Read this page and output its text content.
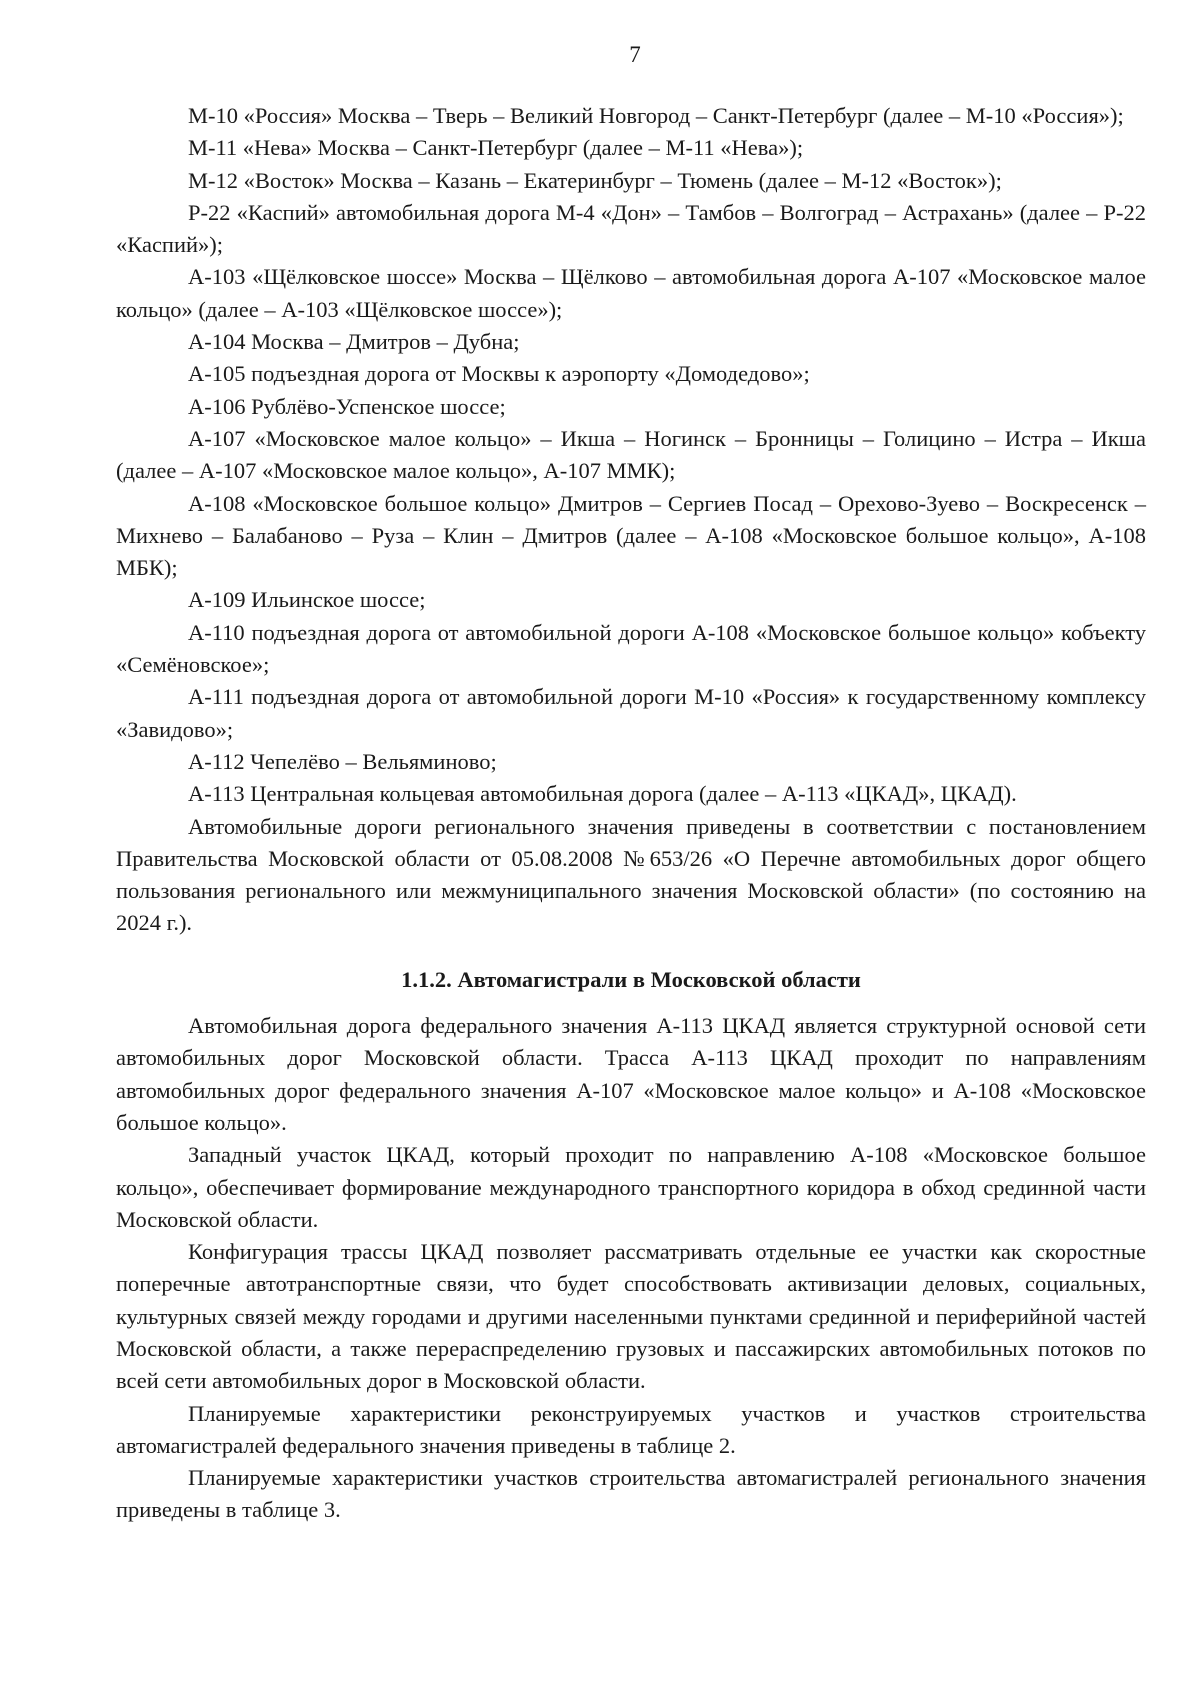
7

М-10 «Россия» Москва – Тверь – Великий Новгород – Санкт-Петербург (далее – М-10 «Россия»);

М-11 «Нева» Москва – Санкт-Петербург (далее – М-11 «Нева»);

М-12 «Восток» Москва – Казань – Екатеринбург – Тюмень (далее – М-12 «Восток»);

Р-22 «Каспий» автомобильная дорога М-4 «Дон» – Тамбов – Волгоград – Астрахань» (далее – Р-22 «Каспий»);

А-103 «Щёлковское шоссе» Москва – Щёлково – автомобильная дорога А-107 «Московское малое кольцо» (далее – А-103 «Щёлковское шоссе»);

А-104 Москва – Дмитров – Дубна;

А-105 подъездная дорога от Москвы к аэропорту «Домодедово»;

А-106 Рублёво-Успенское шоссе;

А-107 «Московское малое кольцо» – Икша – Ногинск – Бронницы – Голицино – Истра – Икша (далее – А-107 «Московское малое кольцо», А-107 ММК);

А-108 «Московское большое кольцо» Дмитров – Сергиев Посад – Орехово-Зуево – Воскресенск – Михнево – Балабаново – Руза – Клин – Дмитров (далее – А-108 «Московское большое кольцо», А-108 МБК);

А-109 Ильинское шоссе;

А-110 подъездная дорога от автомобильной дороги А-108 «Московское большое кольцо» кобъекту «Семёновское»;

А-111 подъездная дорога от автомобильной дороги М-10 «Россия» к государственному комплексу «Завидово»;

А-112 Чепелёво – Вельяминово;

А-113 Центральная кольцевая автомобильная дорога (далее – А-113 «ЦКАД», ЦКАД).

Автомобильные дороги регионального значения приведены в соответствии с постановлением Правительства Московской области от 05.08.2008 №653/26 «О Перечне автомобильных дорог общего пользования регионального или межмуниципального значения Московской области» (по состоянию на 2024 г.).

1.1.2. Автомагистрали в Московской области

Автомобильная дорога федерального значения А-113 ЦКАД является структурной основой сети автомобильных дорог Московской области. Трасса А-113 ЦКАД проходит по направлениям автомобильных дорог федерального значения А-107 «Московское малое кольцо» и А-108 «Московское большое кольцо».

Западный участок ЦКАД, который проходит по направлению А-108 «Московское большое кольцо», обеспечивает формирование международного транспортного коридора в обход срединной части Московской области.

Конфигурация трассы ЦКАД позволяет рассматривать отдельные ее участки как скоростные поперечные автотранспортные связи, что будет способствовать активизации деловых, социальных, культурных связей между городами и другими населенными пунктами срединной и периферийной частей Московской области, а также перераспределению грузовых и пассажирских автомобильных потоков по всей сети автомобильных дорог в Московской области.

Планируемые характеристики реконструируемых участков и участков строительства автомагистралей федерального значения приведены в таблице 2.

Планируемые характеристики участков строительства автомагистралей регионального значения приведены в таблице 3.
